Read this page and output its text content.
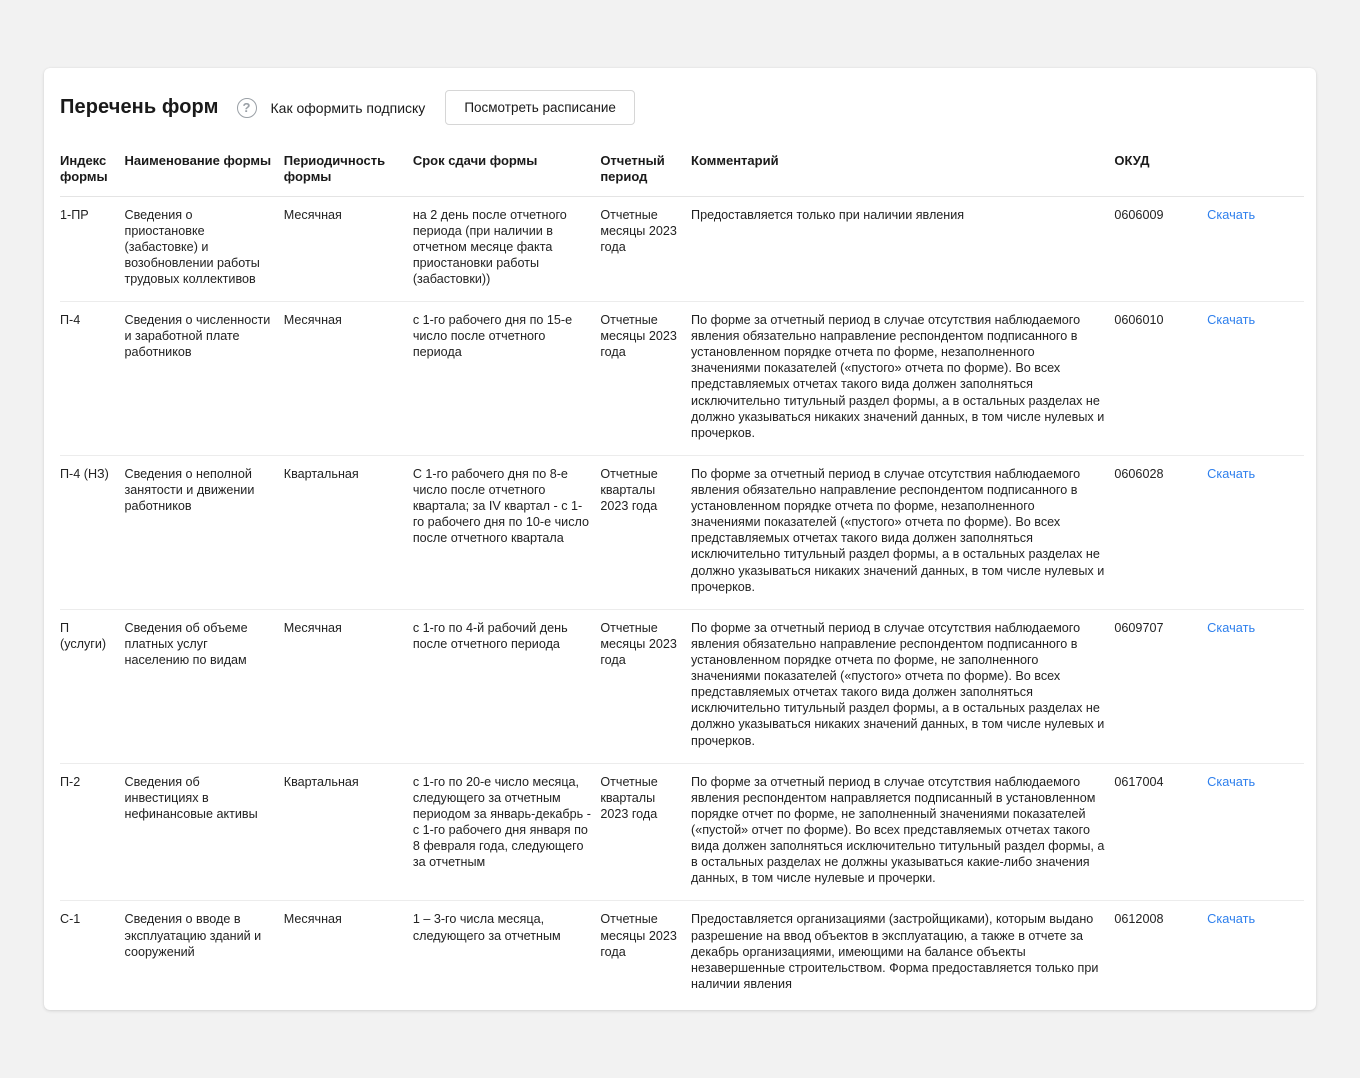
Перечень форм	?	Как оформить подписку	Посмотреть расписание
Индекс формы	Наименование формы	Периодичность формы	Срок сдачи формы	Отчетный период	Комментарий	ОКУД	
1-ПР	Сведения о приостановке (забастовке) и возобновлении работы трудовых коллективов	Месячная	на 2 день после отчетного периода (при наличии в отчетном месяце факта приостановки работы (забастовки))	Отчетные месяцы 2023 года	Предоставляется только при наличии явления	0606009	Скачать
П-4	Сведения о численности и заработной плате работников	Месячная	с 1-го рабочего дня по 15-е число после отчетного периода	Отчетные месяцы 2023 года	По форме за отчетный период в случае отсутствия наблюдаемого явления обязательно направление респондентом подписанного в установленном порядке отчета по форме, незаполненного значениями показателей («пустого» отчета по форме). Во всех представляемых отчетах такого вида должен заполняться исключительно титульный раздел формы, а в остальных разделах не должно указываться никаких значений данных, в том числе нулевых и прочерков.	0606010	Скачать
П-4 (НЗ)	Сведения о неполной занятости и движении работников	Квартальная	С 1-го рабочего дня по 8-е число после отчетного квартала; за IV квартал - с 1-го рабочего дня по 10-е число после отчетного квартала	Отчетные кварталы 2023 года	По форме за отчетный период в случае отсутствия наблюдаемого явления обязательно направление респондентом подписанного в установленном порядке отчета по форме, незаполненного значениями показателей («пустого» отчета по форме). Во всех представляемых отчетах такого вида должен заполняться исключительно титульный раздел формы, а в остальных разделах не должно указываться никаких значений данных, в том числе нулевых и прочерков.	0606028	Скачать
П (услуги)	Сведения об объеме платных услуг населению по видам	Месячная	с 1-го по 4-й рабочий день после отчетного периода	Отчетные месяцы 2023 года	По форме за отчетный период в случае отсутствия наблюдаемого явления обязательно направление респондентом подписанного в установленном порядке отчета по форме, не заполненного значениями показателей («пустого» отчета по форме). Во всех представляемых отчетах такого вида должен заполняться исключительно титульный раздел формы, а в остальных разделах не должно указываться никаких значений данных, в том числе нулевых и прочерков.	0609707	Скачать
П-2	Сведения об инвестициях в нефинансовые активы	Квартальная	с 1-го по 20-е число месяца, следующего за отчетным периодом за январь-декабрь - с 1-го рабочего дня января по 8 февраля года, следующего за отчетным	Отчетные кварталы 2023 года	По форме за отчетный период в случае отсутствия наблюдаемого явления респондентом направляется подписанный в установленном порядке отчет по форме, не заполненный значениями показателей («пустой» отчет по форме). Во всех представляемых отчетах такого вида должен заполняться исключительно титульный раздел формы, а в остальных разделах не должны указываться какие-либо значения данных, в том числе нулевые и прочерки.	0617004	Скачать
С-1	Сведения о вводе в эксплуатацию зданий и сооружений	Месячная	1 – 3-го числа месяца, следующего за отчетным	Отчетные месяцы 2023 года	Предоставляется организациями (застройщиками), которым выдано разрешение на ввод объектов в эксплуатацию, а также в отчете за декабрь организациями, имеющими на балансе объекты незавершенные строительством. Форма предоставляется только при наличии явления	0612008	Скачать
